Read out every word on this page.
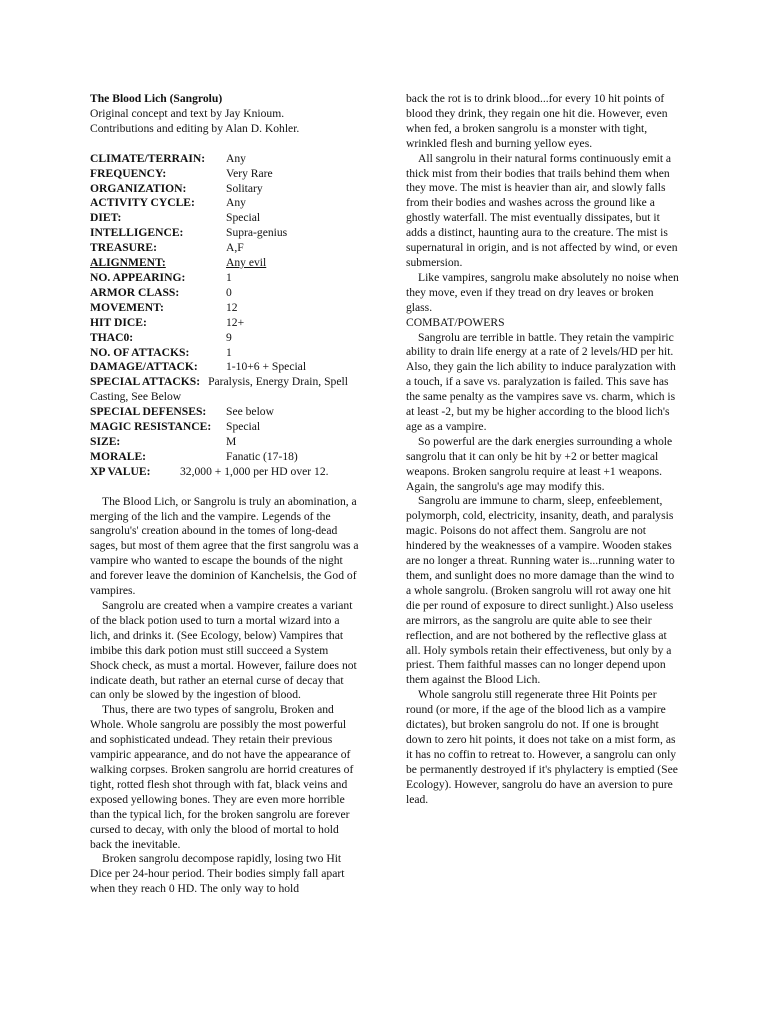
The Blood Lich (Sangrolu)

Original concept and text by Jay Knioum.

Contributions and editing by Alan D. Kohler.

CLIMATE/TERRAIN:	Any
FREQUENCY:	Very Rare
ORGANIZATION:	Solitary
ACTIVITY CYCLE:	Any
DIET:	Special
INTELLIGENCE:	Supra-genius
TREASURE:	A,F
ALIGNMENT:	Any evil
NO. APPEARING:	1
ARMOR CLASS:	0
MOVEMENT:	12
HIT DICE:	12+
THAC0:	9
NO. OF ATTACKS:	1
DAMAGE/ATTACK:	1-10+6 + Special

SPECIAL ATTACKS: Paralysis, Energy Drain, Spell Casting, See Below

SPECIAL DEFENSES:	See below
MAGIC RESISTANCE:	Special
SIZE:	M
MORALE:	Fanatic (17-18)
XP VALUE:	32,000 + 1,000 per HD over 12.

The Blood Lich, or Sangrolu is truly an abomination, a merging of the lich and the vampire. Legends of the sangrolu's' creation abound in the tomes of long-dead sages, but most of them agree that the first sangrolu was a vampire who wanted to escape the bounds of the night and forever leave the dominion of Kanchelsis, the God of vampires.

Sangrolu are created when a vampire creates a variant of the black potion used to turn a mortal wizard into a lich, and drinks it. (See Ecology, below) Vampires that imbibe this dark potion must still succeed a System Shock check, as must a mortal. However, failure does not indicate death, but rather an eternal curse of decay that can only be slowed by the ingestion of blood.

Thus, there are two types of sangrolu, Broken and Whole. Whole sangrolu are possibly the most powerful and sophisticated undead. They retain their previous vampiric appearance, and do not have the appearance of walking corpses. Broken sangrolu are horrid creatures of tight, rotted flesh shot through with fat, black veins and exposed yellowing bones. They are even more horrible than the typical lich, for the broken sangrolu are forever cursed to decay, with only the blood of mortal to hold back the inevitable.

Broken sangrolu decompose rapidly, losing two Hit Dice per 24-hour period. Their bodies simply fall apart when they reach 0 HD. The only way to hold

back the rot is to drink blood...for every 10 hit points of blood they drink, they regain one hit die. However, even when fed, a broken sangrolu is a monster with tight, wrinkled flesh and burning yellow eyes.

All sangrolu in their natural forms continuously emit a thick mist from their bodies that trails behind them when they move. The mist is heavier than air, and slowly falls from their bodies and washes across the ground like a ghostly waterfall. The mist eventually dissipates, but it adds a distinct, haunting aura to the creature. The mist is supernatural in origin, and is not affected by wind, or even submersion.

Like vampires, sangrolu make absolutely no noise when they move, even if they tread on dry leaves or broken glass.

COMBAT/POWERS

Sangrolu are terrible in battle. They retain the vampiric ability to drain life energy at a rate of 2 levels/HD per hit. Also, they gain the lich ability to induce paralyzation with a touch, if a save vs. paralyzation is failed. This save has the same penalty as the vampires save vs. charm, which is at least -2, but my be higher according to the blood lich's age as a vampire.

So powerful are the dark energies surrounding a whole sangrolu that it can only be hit by +2 or better magical weapons. Broken sangrolu require at least +1 weapons. Again, the sangrolu's age may modify this.

Sangrolu are immune to charm, sleep, enfeeblement, polymorph, cold, electricity, insanity, death, and paralysis magic. Poisons do not affect them. Sangrolu are not hindered by the weaknesses of a vampire. Wooden stakes are no longer a threat. Running water is...running water to them, and sunlight does no more damage than the wind to a whole sangrolu. (Broken sangrolu will rot away one hit die per round of exposure to direct sunlight.) Also useless are mirrors, as the sangrolu are quite able to see their reflection, and are not bothered by the reflective glass at all. Holy symbols retain their effectiveness, but only by a priest. Them faithful masses can no longer depend upon them against the Blood Lich.

Whole sangrolu still regenerate three Hit Points per round (or more, if the age of the blood lich as a vampire dictates), but broken sangrolu do not. If one is brought down to zero hit points, it does not take on a mist form, as it has no coffin to retreat to. However, a sangrolu can only be permanently destroyed if it's phylactery is emptied (See Ecology). However, sangrolu do have an aversion to pure lead.
